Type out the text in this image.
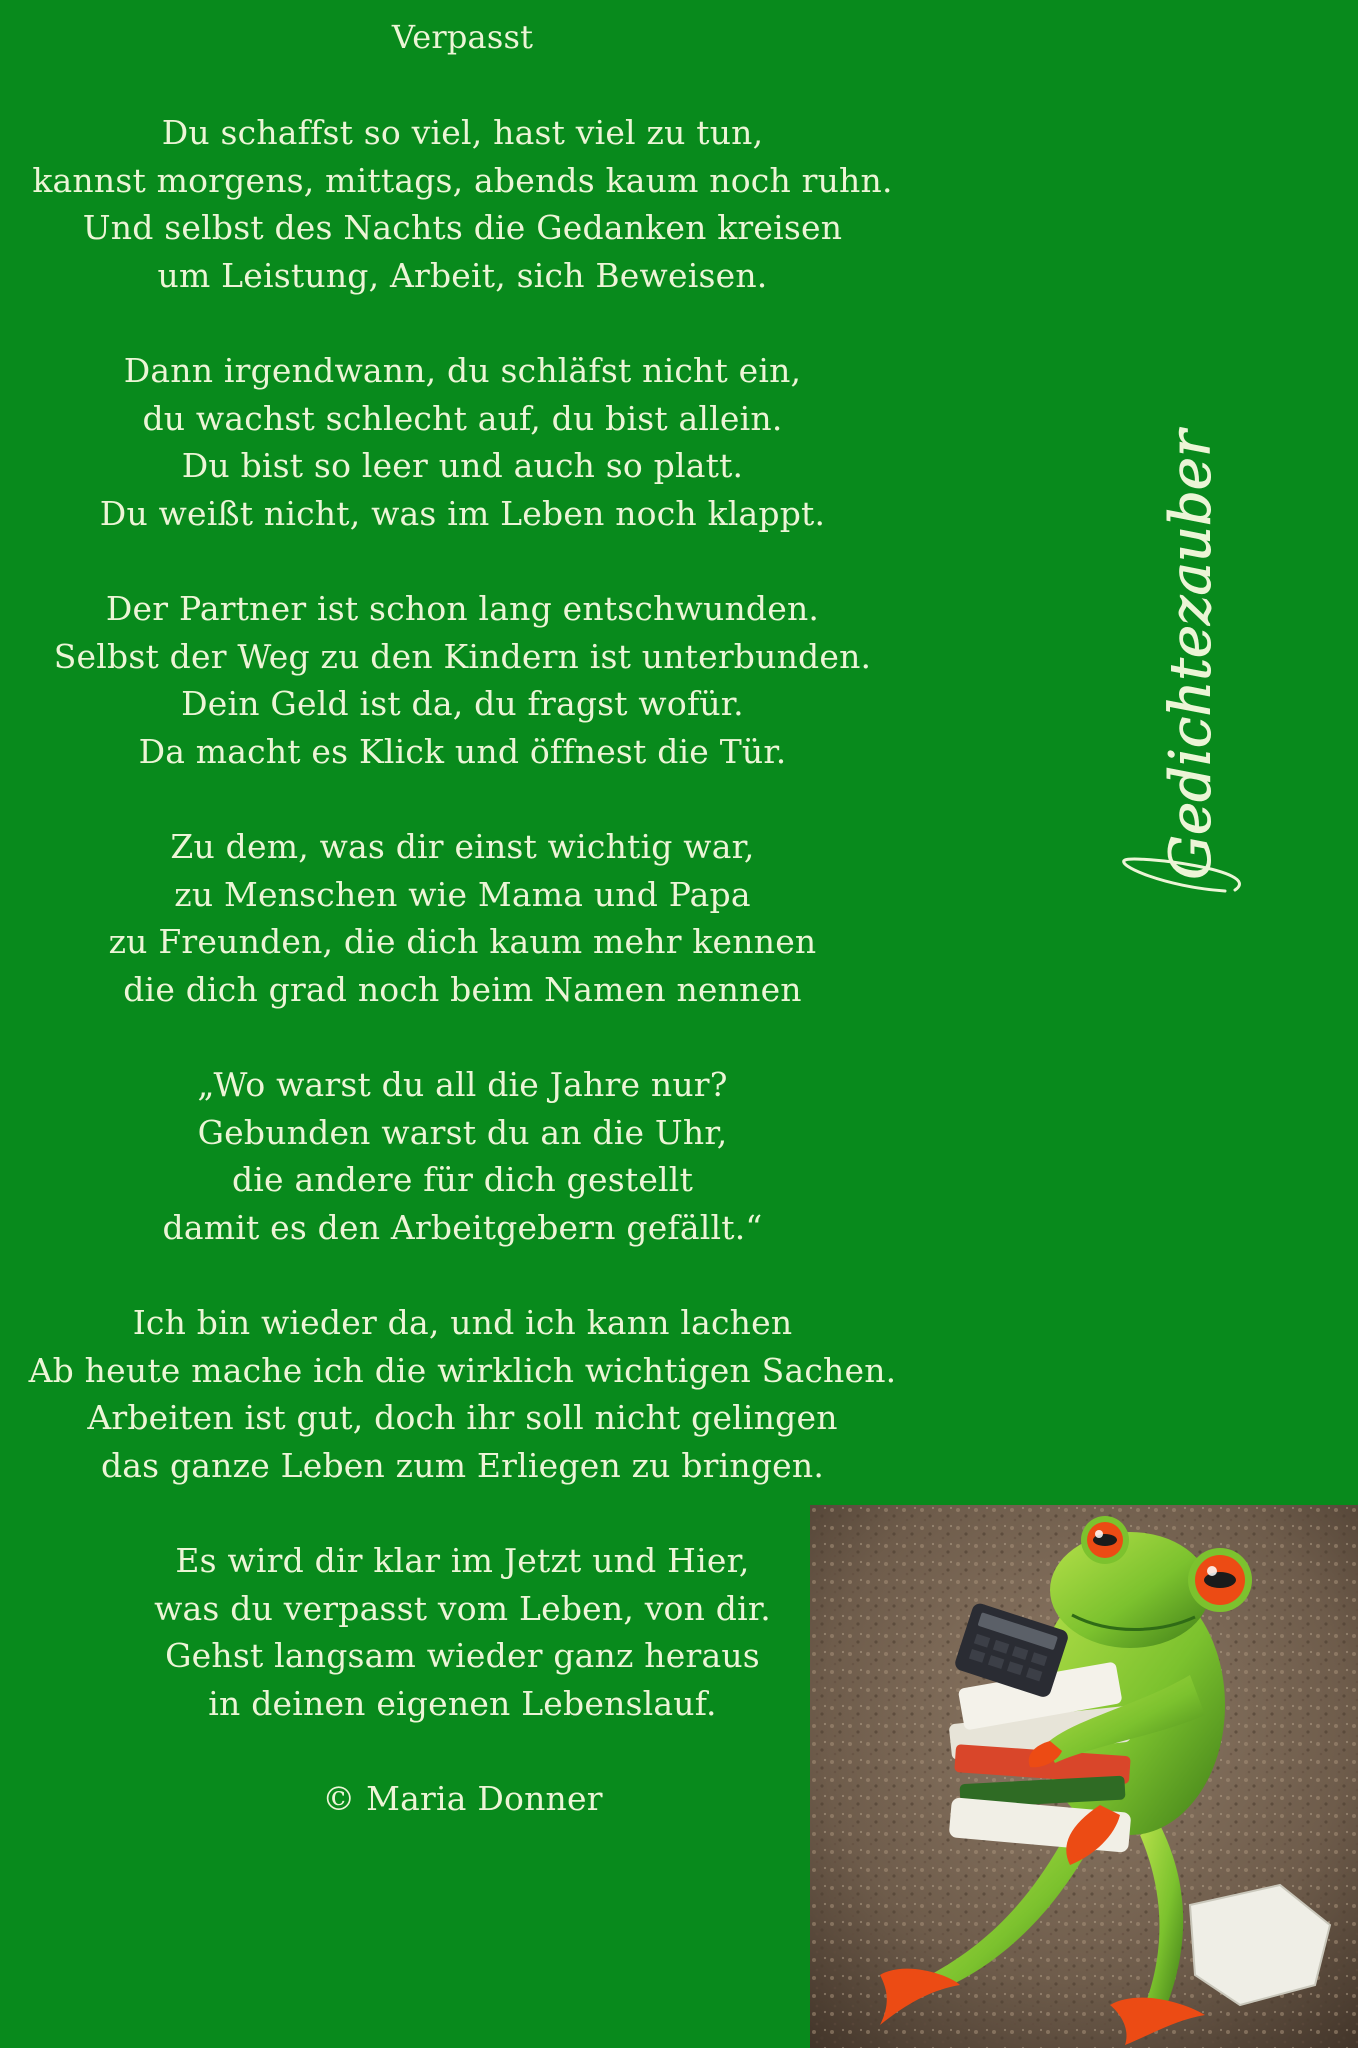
Verpasst
Du schaffst so viel, hast viel zu tun,
kannst morgens, mittags, abends kaum noch ruhn.
Und selbst des Nachts die Gedanken kreisen
um Leistung, Arbeit, sich Beweisen.
Dann irgendwann, du schläfst nicht ein,
du wachst schlecht auf, du bist allein.
Du bist so leer und auch so platt.
Du weißt nicht, was im Leben noch klappt.
Der Partner ist schon lang entschwunden.
Selbst der Weg zu den Kindern ist unterbunden.
Dein Geld ist da, du fragst wofür.
Da macht es Klick und öffnest die Tür.
Zu dem, was dir einst wichtig war,
zu Menschen wie Mama und Papa
zu Freunden, die dich kaum mehr kennen
die dich grad noch beim Namen nennen
„Wo warst du all die Jahre nur?
Gebunden warst du an die Uhr,
die andere für dich gestellt
damit es den Arbeitgebern gefällt.“
Ich bin wieder da, und ich kann lachen
Ab heute mache ich die wirklich wichtigen Sachen.
Arbeiten ist gut, doch ihr soll nicht gelingen
das ganze Leben zum Erliegen zu bringen.
Es wird dir klar im Jetzt und Hier,
was du verpasst vom Leben, von dir.
Gehst langsam wieder ganz heraus
in deinen eigenen Lebenslauf.
© Maria Donner
Gedichtezauber
